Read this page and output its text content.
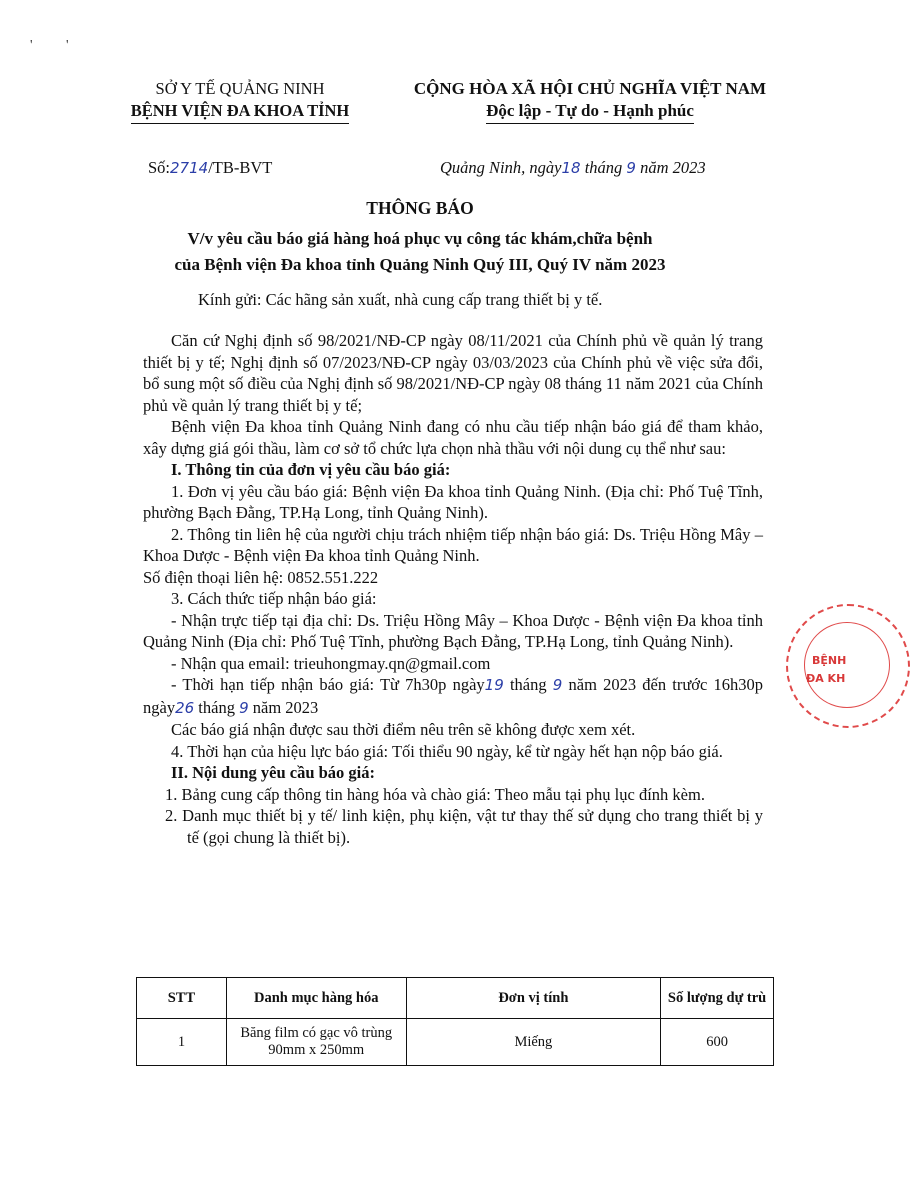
' '
SỞ Y TẾ QUẢNG NINH
BỆNH VIỆN ĐA KHOA TỈNH
CỘNG HÒA XÃ HỘI CHỦ NGHĨA VIỆT NAM
Độc lập - Tự do - Hạnh phúc
Số:2714/TB-BVT	Quảng Ninh, ngày18 tháng 9 năm 2023
THÔNG BÁO
V/v yêu cầu báo giá hàng hoá phục vụ công tác khám,chữa bệnh
của Bệnh viện Đa khoa tỉnh Quảng Ninh Quý III, Quý IV năm 2023
Kính gửi: Các hãng sản xuất, nhà cung cấp trang thiết bị y tế.

Căn cứ Nghị định số 98/2021/NĐ-CP ngày 08/11/2021 của Chính phủ về quản lý trang thiết bị y tế; Nghị định số 07/2023/NĐ-CP ngày 03/03/2023 của Chính phủ về việc sửa đổi, bổ sung một số điều của Nghị định số 98/2021/NĐ-CP ngày 08 tháng 11 năm 2021 của Chính phủ về quản lý trang thiết bị y tế;

Bệnh viện Đa khoa tỉnh Quảng Ninh đang có nhu cầu tiếp nhận báo giá để tham khảo, xây dựng giá gói thầu, làm cơ sở tổ chức lựa chọn nhà thầu với nội dung cụ thể như sau:

I. Thông tin của đơn vị yêu cầu báo giá:

1. Đơn vị yêu cầu báo giá: Bệnh viện Đa khoa tỉnh Quảng Ninh. (Địa chỉ: Phố Tuệ Tĩnh, phường Bạch Đằng, TP.Hạ Long, tỉnh Quảng Ninh).

2. Thông tin liên hệ của người chịu trách nhiệm tiếp nhận báo giá: Ds. Triệu Hồng Mây – Khoa Dược - Bệnh viện Đa khoa tỉnh Quảng Ninh.

Số điện thoại liên hệ: 0852.551.222

3. Cách thức tiếp nhận báo giá:

- Nhận trực tiếp tại địa chỉ: Ds. Triệu Hồng Mây – Khoa Dược - Bệnh viện Đa khoa tỉnh Quảng Ninh (Địa chỉ: Phố Tuệ Tĩnh, phường Bạch Đằng, TP.Hạ Long, tỉnh Quảng Ninh).

- Nhận qua email: trieuhongmay.qn@gmail.com

- Thời hạn tiếp nhận báo giá: Từ 7h30p ngày19 tháng 9 năm 2023 đến trước 16h30p ngày26 tháng 9 năm 2023

Các báo giá nhận được sau thời điểm nêu trên sẽ không được xem xét.

4. Thời hạn của hiệu lực báo giá: Tối thiểu 90 ngày, kể từ ngày hết hạn nộp báo giá.

II. Nội dung yêu cầu báo giá:

1. Bảng cung cấp thông tin hàng hóa và chào giá: Theo mẫu tại phụ lục đính kèm.

2. Danh mục thiết bị y tế/ linh kiện, phụ kiện, vật tư thay thế sử dụng cho trang thiết bị y tế (gọi chung là thiết bị).

STT	Danh mục hàng hóa	Đơn vị tính	Số lượng dự trù
1	Băng film có gạc vô trùng 90mm x 250mm	Miếng	600
BỆNH
ĐA KH
